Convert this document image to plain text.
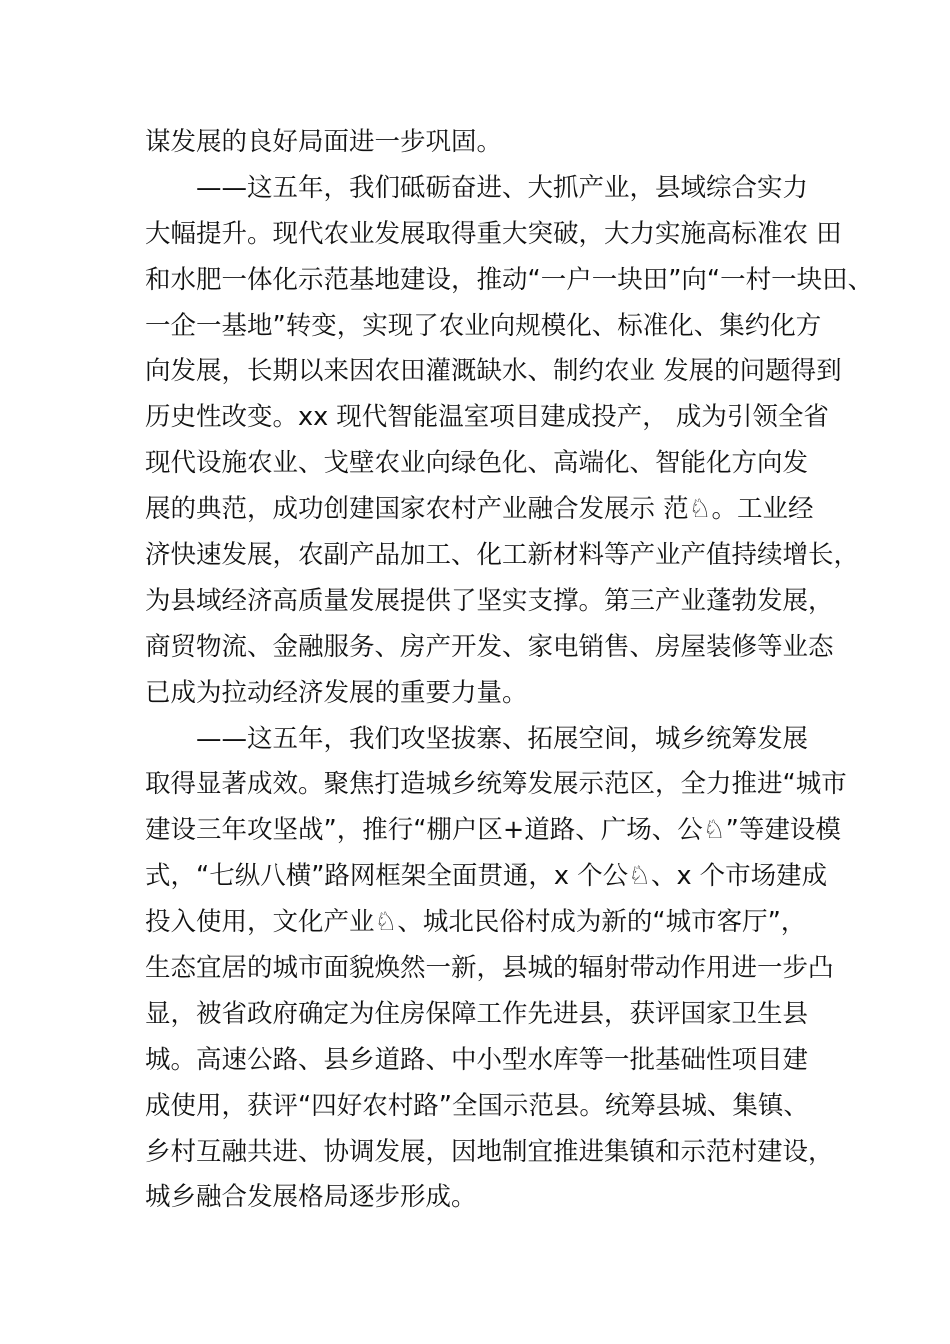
谋发展的良好局面进一步巩固。
——这五年，我们砥砺奋进、大抓产业，县域综合实力
大幅提升。现代农业发展取得重大突破，大力实施高标准农 田
和水肥一体化示范基地建设，推动“一户一块田”向“一村一块田、
一企一基地”转变，实现了农业向规模化、标准化、集约化方
向发展，长期以来因农田灌溉缺水、制约农业 发展的问题得到
历史性改变。xx 现代智能温室项目建成投产， 成为引领全省
现代设施农业、戈壁农业向绿色化、高端化、智能化方向发
展的典范，成功创建国家农村产业融合发展示 范♘。工业经
济快速发展，农副产品加工、化工新材料等产业产值持续增长，
为县域经济高质量发展提供了坚实支撑。第三产业蓬勃发展，
商贸物流、金融服务、房产开发、家电销售、房屋装修等业态
已成为拉动经济发展的重要力量。
——这五年，我们攻坚拔寨、拓展空间，城乡统筹发展
取得显著成效。聚焦打造城乡统筹发展示范区，全力推进“城市
建设三年攻坚战”，推行“棚户区+道路、广场、公♘”等建设模
式，“七纵八横”路网框架全面贯通，x 个公♘、x 个市场建成
投入使用，文化产业♘、城北民俗村成为新的“城市客厅”，
生态宜居的城市面貌焕然一新，县城的辐射带动作用进一步凸
显，被省政府确定为住房保障工作先进县，获评国家卫生县
城。高速公路、县乡道路、中小型水库等一批基础性项目建
成使用，获评“四好农村路”全国示范县。统筹县城、集镇、
乡村互融共进、协调发展，因地制宜推进集镇和示范村建设，
城乡融合发展格局逐步形成。
